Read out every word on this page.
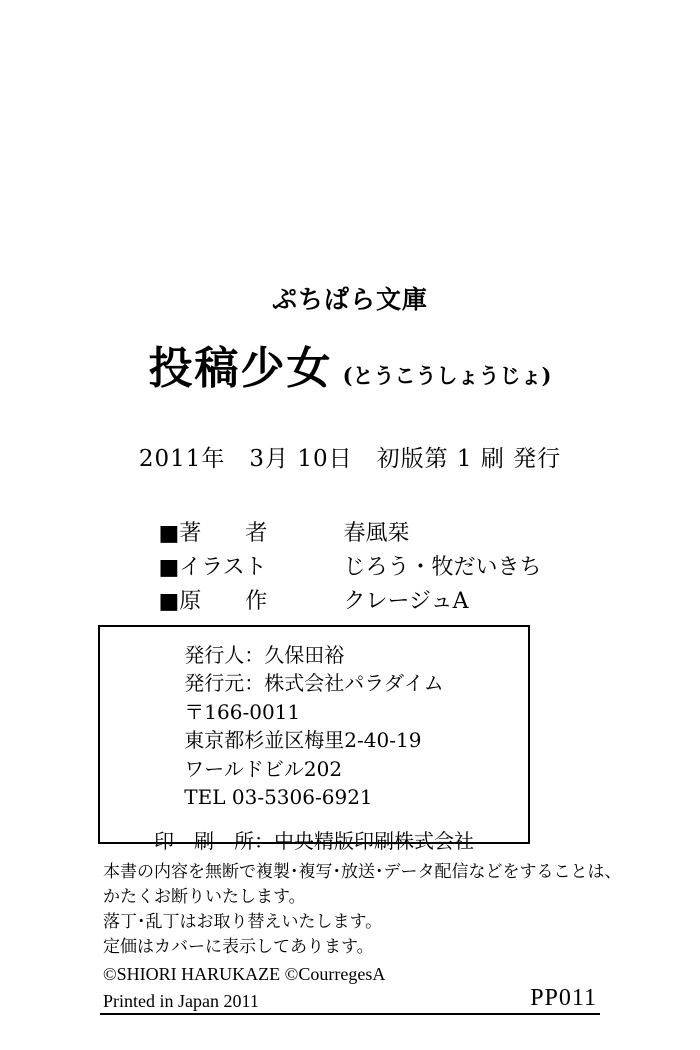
ぷちぱら文庫
投稿少女 (とうこうしょうじょ)
2011年　3月 10日　初版第 1 刷 発行
■著　　者	春風栞
■イラスト	じろう・牧だいきち
■原　　作	クレージュA
発行人：久保田裕
発行元：株式会社パラダイム
〒166-0011
東京都杉並区梅里2-40-19
ワールドビル202
TEL 03-5306-6921
印　刷　所：中央精版印刷株式会社
本書の内容を無断で複製･複写･放送･データ配信などをすることは、
かたくお断りいたします。
落丁･乱丁はお取り替えいたします。
定価はカバーに表示してあります。
©SHIORI HARUKAZE ©CourregesA
Printed in Japan 2011	PP011
